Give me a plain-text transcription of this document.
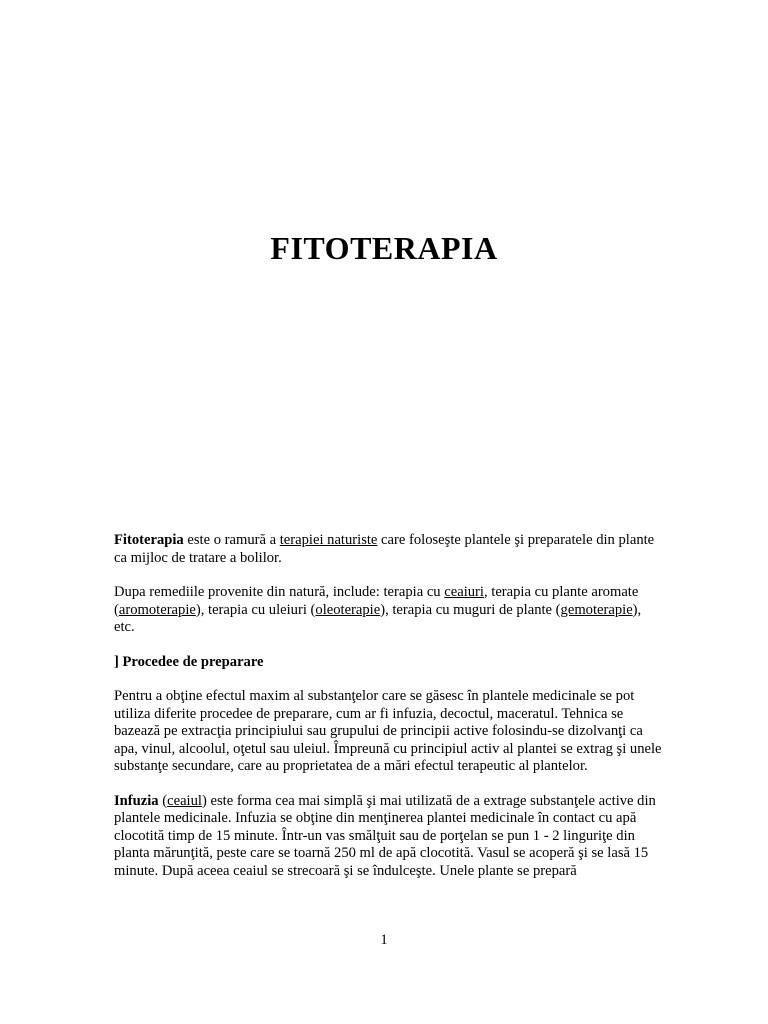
FITOTERAPIA

Fitoterapia este o ramură a terapiei naturiste care foloseşte plantele şi preparatele din plante ca mijloc de tratare a bolilor.

Dupa remediile provenite din natură, include: terapia cu ceaiuri, terapia cu plante aromate (aromoterapie), terapia cu uleiuri (oleoterapie), terapia cu muguri de plante (gemoterapie), etc.

] Procedee de preparare

Pentru a obţine efectul maxim al substanţelor care se găsesc în plantele medicinale se pot utiliza diferite procedee de preparare, cum ar fi infuzia, decoctul, maceratul. Tehnica se bazează pe extracţia principiului sau grupului de principii active folosindu-se dizolvanţi ca apa, vinul, alcoolul, oţetul sau uleiul. Împreună cu principiul activ al plantei se extrag şi unele substanţe secundare, care au proprietatea de a mări efectul terapeutic al plantelor.

Infuzia (ceaiul) este forma cea mai simplă şi mai utilizată de a extrage substanţele active din plantele medicinale. Infuzia se obţine din menţinerea plantei medicinale în contact cu apă clocotită timp de 15 minute. Într-un vas smălţuit sau de porţelan se pun 1 - 2 linguriţe din planta mărunţită, peste care se toarnă 250 ml de apă clocotită. Vasul se acoperă şi se lasă 15 minute. După aceea ceaiul se strecoară şi se îndulceşte. Unele plante se prepară

1
